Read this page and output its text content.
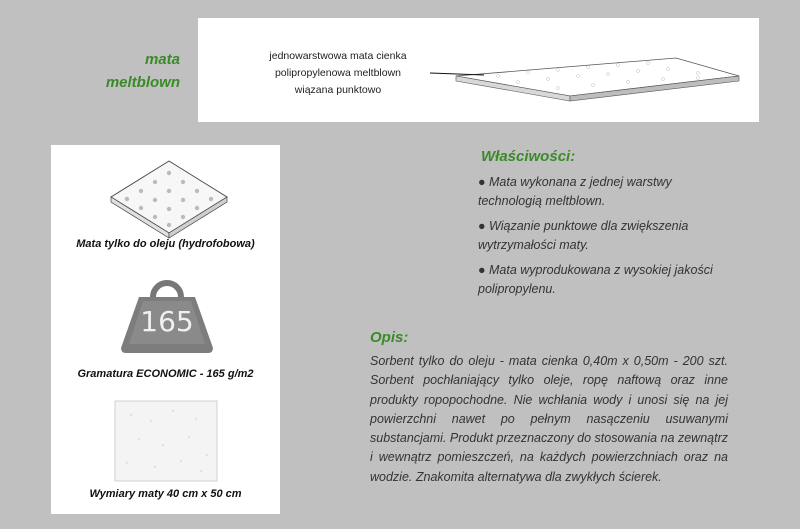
mata
meltblown
jednowarstwowa mata cienka
polipropylenowa meltblown
wiązana punktowo
165
Mata tylko do oleju (hydrofobowa)
Gramatura ECONOMIC - 165 g/m2
Wymiary maty 40 cm x 50 cm
Właściwości:
● Mata wykonana z jednej warstwy technologią meltblown.
● Wiązanie punktowe dla zwiększenia wytrzymałości maty.
● Mata wyprodukowana z wysokiej jakości polipropylenu.
Opis:
Sorbent tylko do oleju - mata cienka 0,40m x 0,50m - 200 szt. Sorbent pochłaniający tylko oleje, ropę naftową oraz inne produkty ropopochodne. Nie wchłania wody i unosi się na jej powierzchni nawet po pełnym nasączeniu usuwanymi substancjami. Produkt przeznaczony do stosowania na zewnątrz i wewnątrz pomieszczeń, na każdych powierzchniach oraz na wodzie. Znakomita alternatywa dla zwykłych ścierek.
